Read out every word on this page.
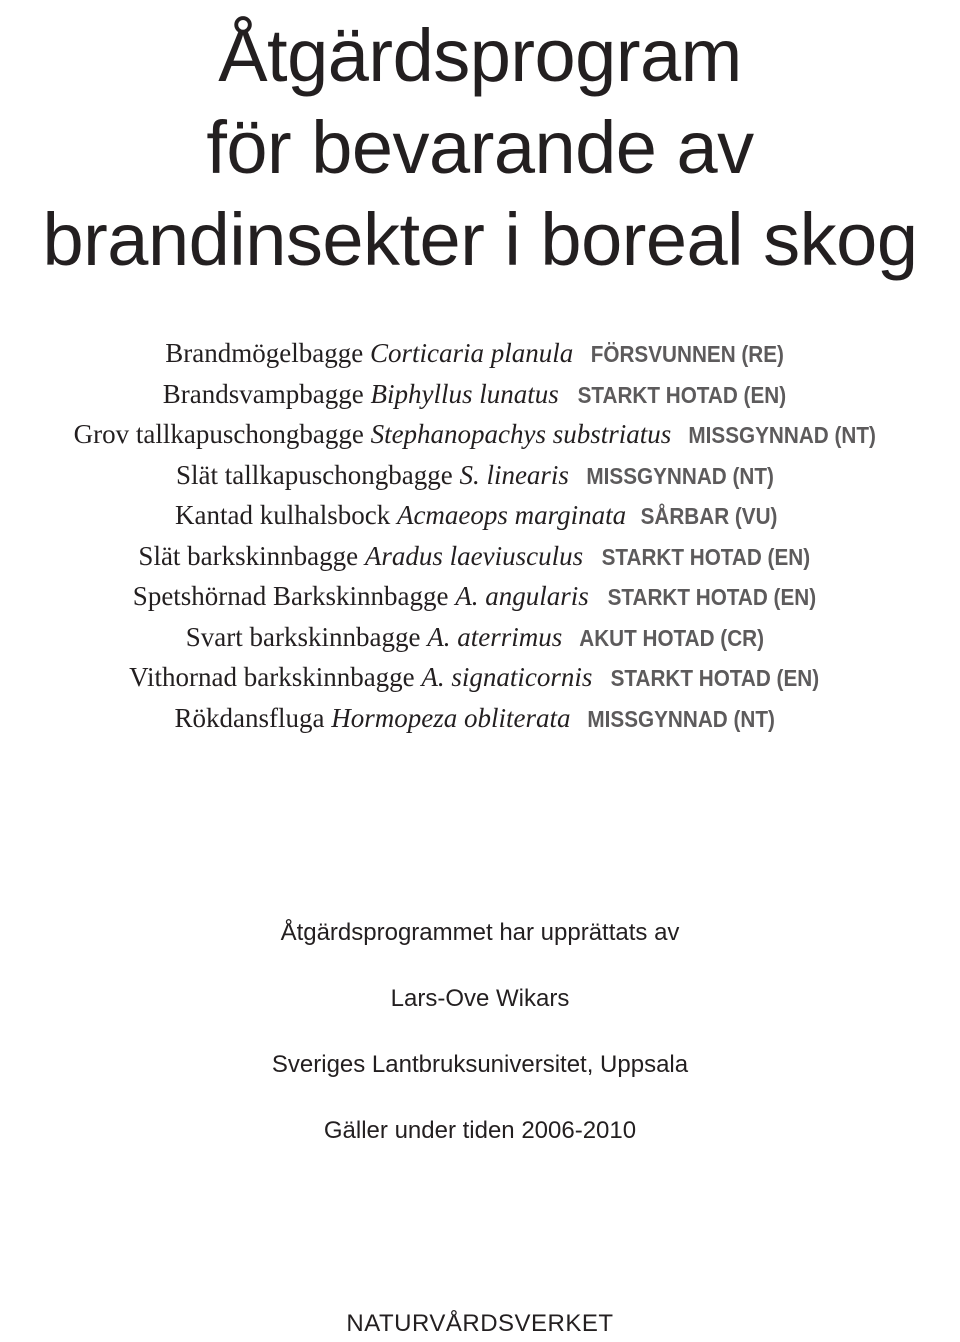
Åtgärdsprogram
för bevarande av
brandinsekter i boreal skog
Brandmögelbagge Corticaria planula FÖRSVUNNEN (RE)
Brandsvampbagge Biphyllus lunatus STARKT HOTAD (EN)
Grov tallkapuschongbagge Stephanopachys substriatus MISSGYNNAD (NT)
Slät tallkapuschongbagge S. linearis MISSGYNNAD (NT)
Kantad kulhalsbock Acmaeops marginata SÅRBAR (VU)
Slät barkskinnbagge Aradus laeviusculus STARKT HOTAD (EN)
Spetshörnad Barkskinnbagge A. angularis STARKT HOTAD (EN)
Svart barkskinnbagge A. aterrimus AKUT HOTAD (CR)
Vithornad barkskinnbagge A. signaticornis STARKT HOTAD (EN)
Rökdansfluga Hormopeza obliterata MISSGYNNAD (NT)

Åtgärdsprogrammet har upprättats av

Lars-Ove Wikars

Sveriges Lantbruksuniversitet, Uppsala

Gäller under tiden 2006-2010

NATURVÅRDSVERKET
